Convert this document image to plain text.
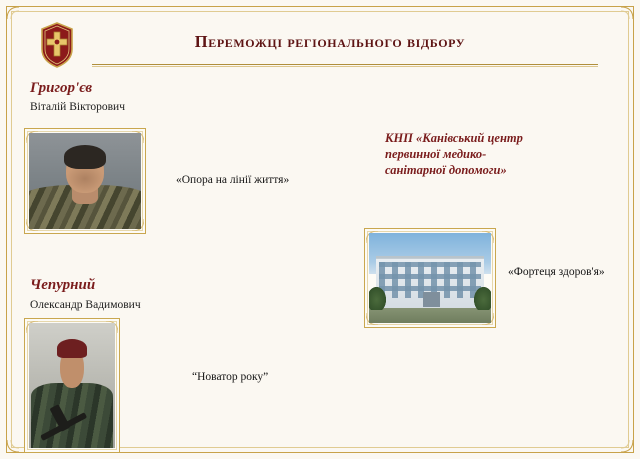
Переможці регіонального відбору
Григор'єв
Віталій Вікторович
«Опора на лінії життя»
Чепурний
Олександр Вадимович
“Новатор року”
КНП «Канівський центр первинної медико-санітарної допомоги»
«Фортеця здоров'я»
